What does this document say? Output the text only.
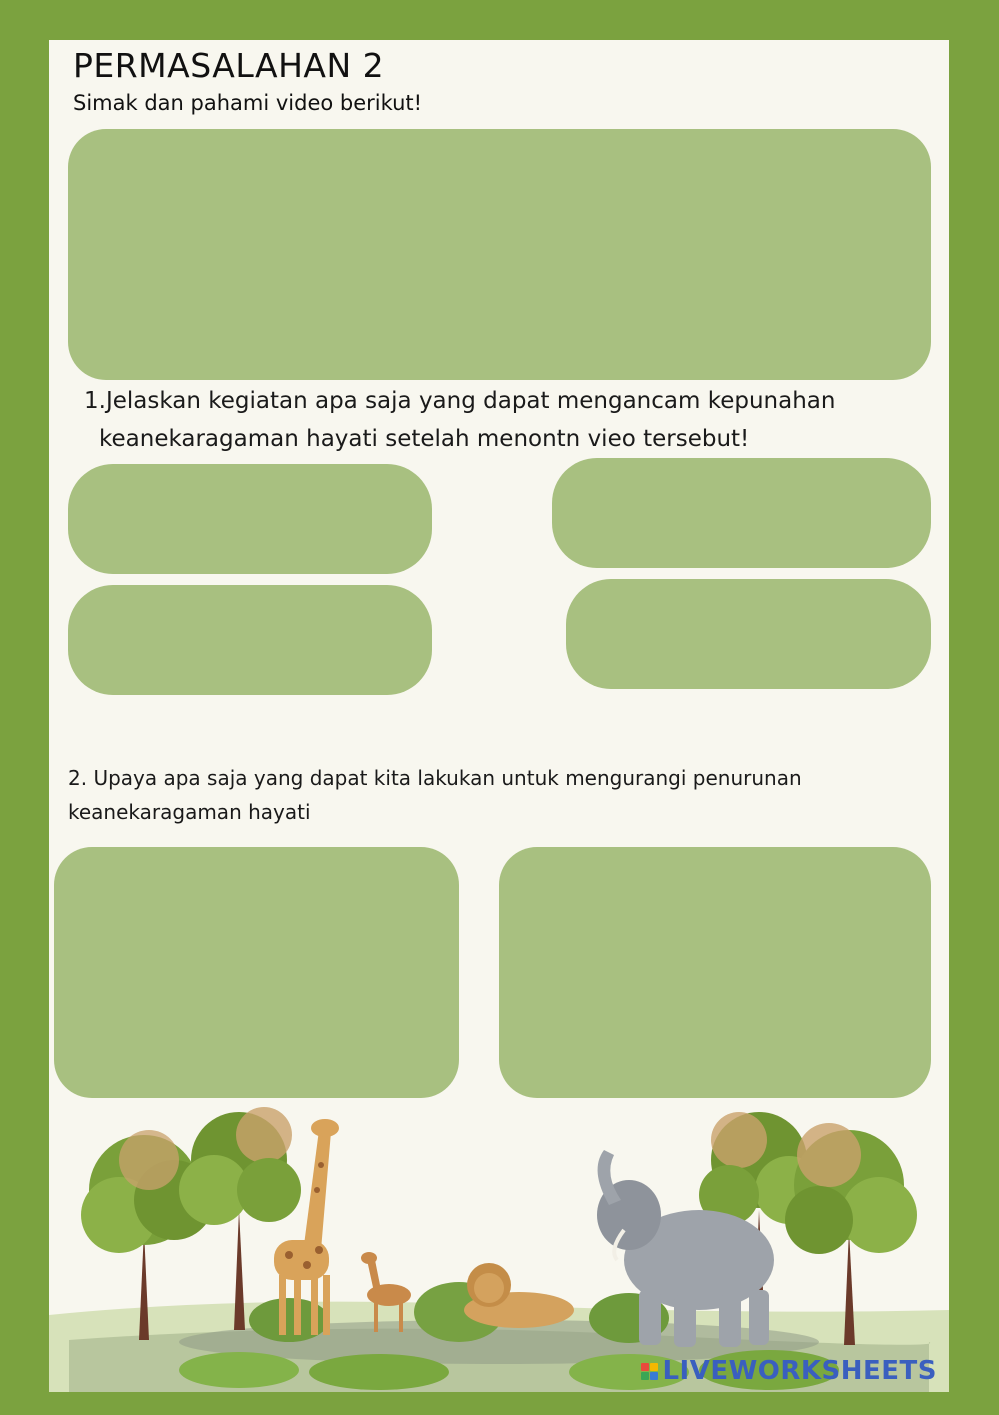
PERMASALAHAN 2
Simak dan pahami video berikut!
1.Jelaskan kegiatan apa saja yang dapat mengancam kepunahan
keanekaragaman hayati setelah menontn vieo tersebut!
2. Upaya apa saja yang dapat kita lakukan untuk mengurangi penurunan
keanekaragaman hayati
LIVEWORKSHEETS
